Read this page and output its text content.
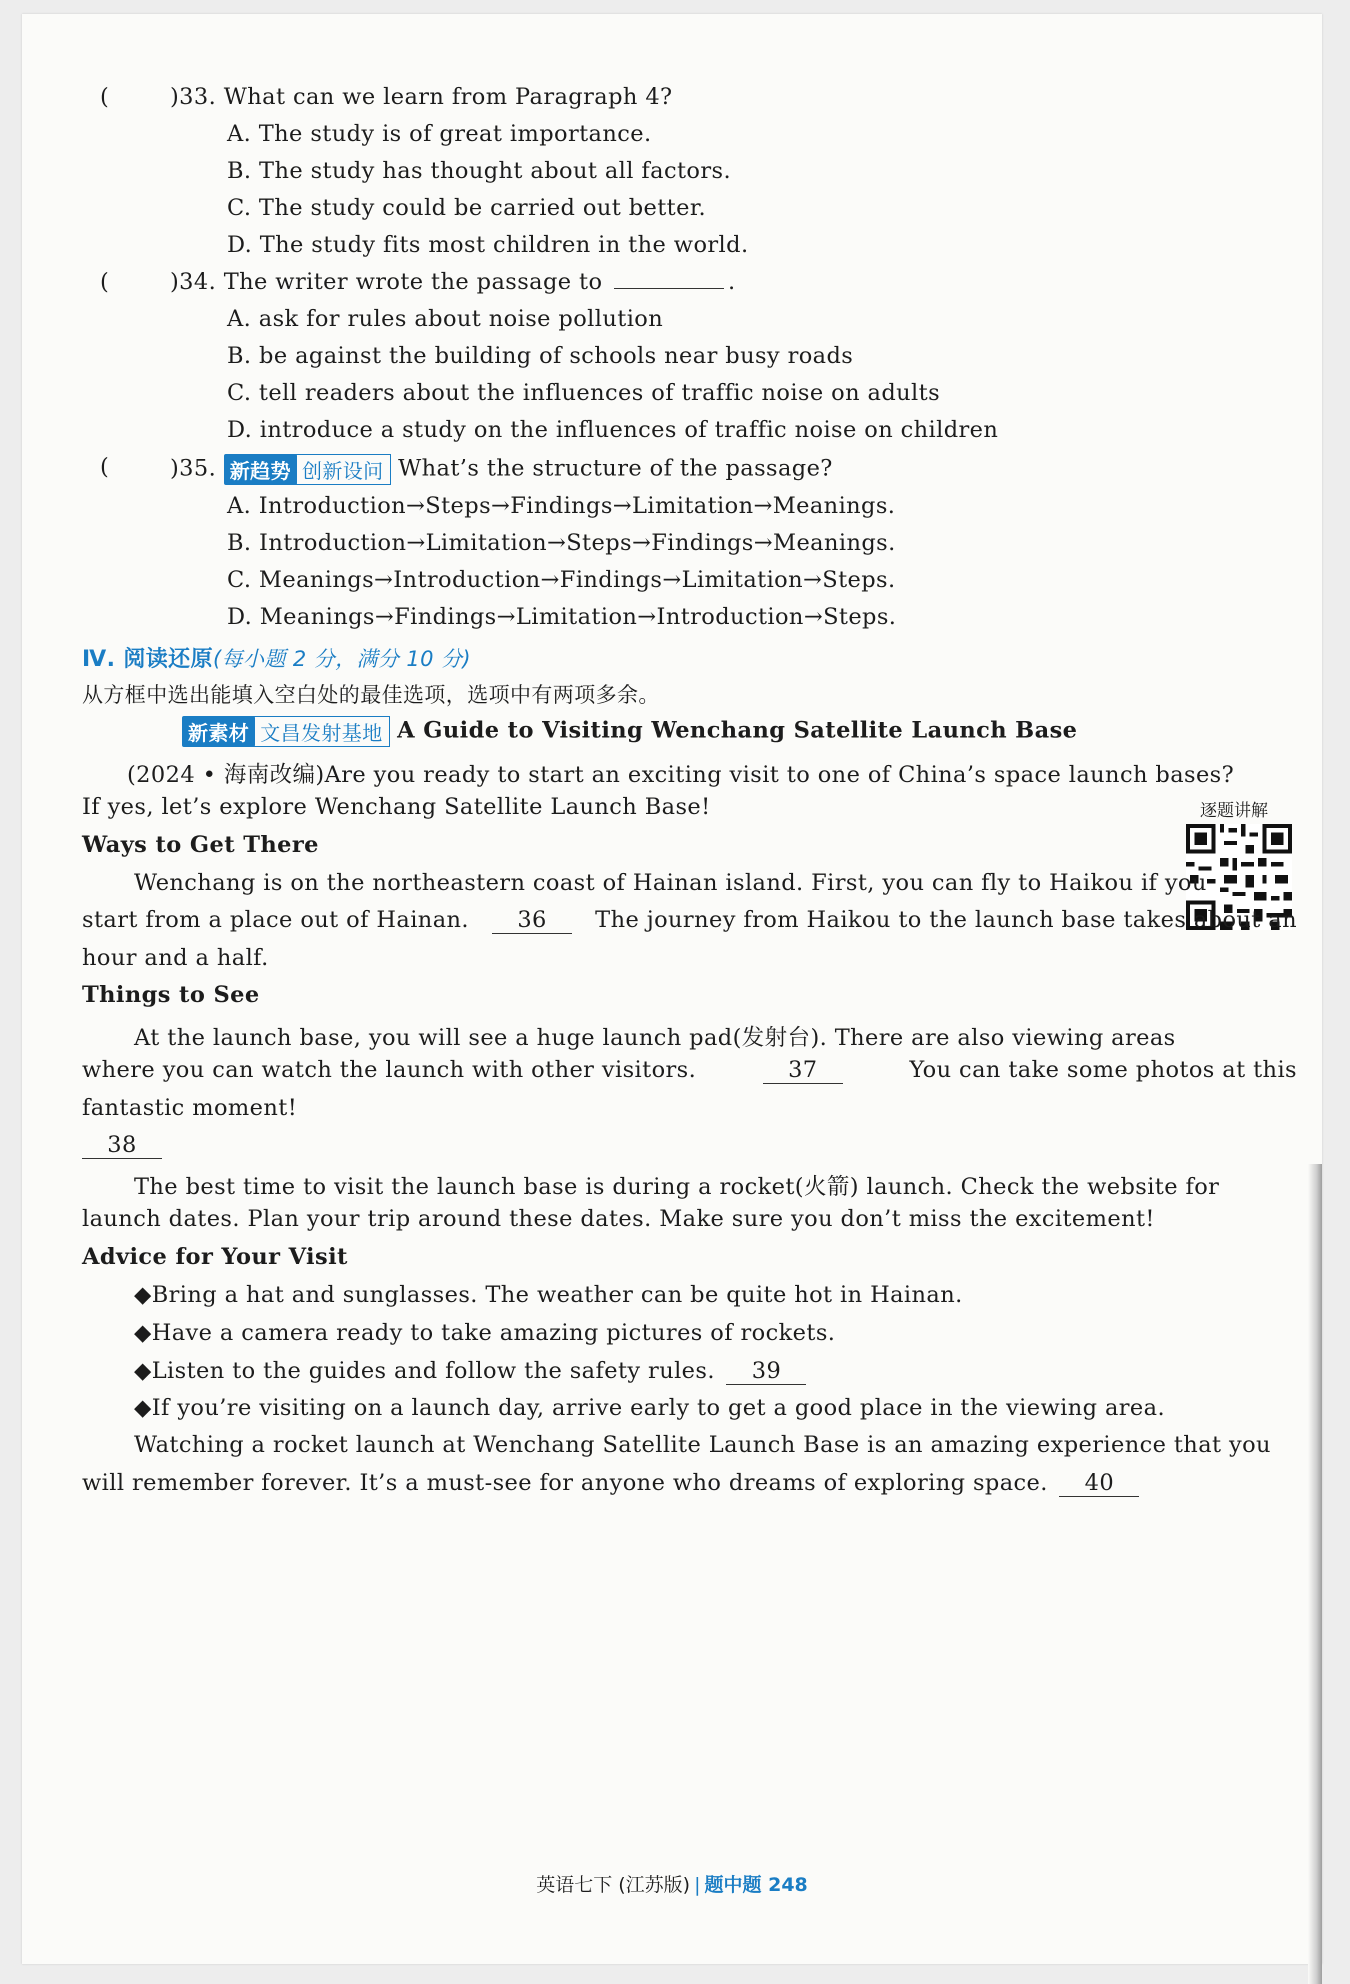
(	)33. What can we learn from Paragraph 4?
A. The study is of great importance.
B. The study has thought about all factors.
C. The study could be carried out better.
D. The study fits most children in the world.
(	)34. The writer wrote the passage to	.
A. ask for rules about noise pollution
B. be against the building of schools near busy roads
C. tell readers about the influences of traffic noise on adults
D. introduce a study on the influences of traffic noise on children
(	)35. 新趋势 创新设问 What’s the structure of the passage?
A. Introduction→Steps→Findings→Limitation→Meanings.
B. Introduction→Limitation→Steps→Findings→Meanings.
C. Meanings→Introduction→Findings→Limitation→Steps.
D. Meanings→Findings→Limitation→Introduction→Steps.
Ⅳ. 阅读还原(每小题 2 分，满分 10 分)
从方框中选出能填入空白处的最佳选项，选项中有两项多余。
逐题讲解
新素材 文昌发射基地 A Guide to Visiting Wenchang Satellite Launch Base
(2024 • 海南改编)Are you ready to start an exciting visit to one of China’s space launch bases?
If yes, let’s explore Wenchang Satellite Launch Base!
Ways to Get There
Wenchang is on the northeastern coast of Hainan island. First, you can fly to Haikou if you
start from a place out of Hainan.	36	The journey from Haikou to the launch base takes about an
hour and a half.
Things to See
At the launch base, you will see a huge launch pad(发射台). There are also viewing areas
where you can watch the launch with other visitors.	37	You can take some photos at this
fantastic moment!
38
The best time to visit the launch base is during a rocket(火箭) launch. Check the website for
launch dates. Plan your trip around these dates. Make sure you don’t miss the excitement!
Advice for Your Visit
◆Bring a hat and sunglasses. The weather can be quite hot in Hainan.
◆Have a camera ready to take amazing pictures of rockets.
◆Listen to the guides and follow the safety rules. 39
◆If you’re visiting on a launch day, arrive early to get a good place in the viewing area.
Watching a rocket launch at Wenchang Satellite Launch Base is an amazing experience that you
will remember forever. It’s a must-see for anyone who dreams of exploring space. 40
英语七下 (江苏版) | 题中题 248
